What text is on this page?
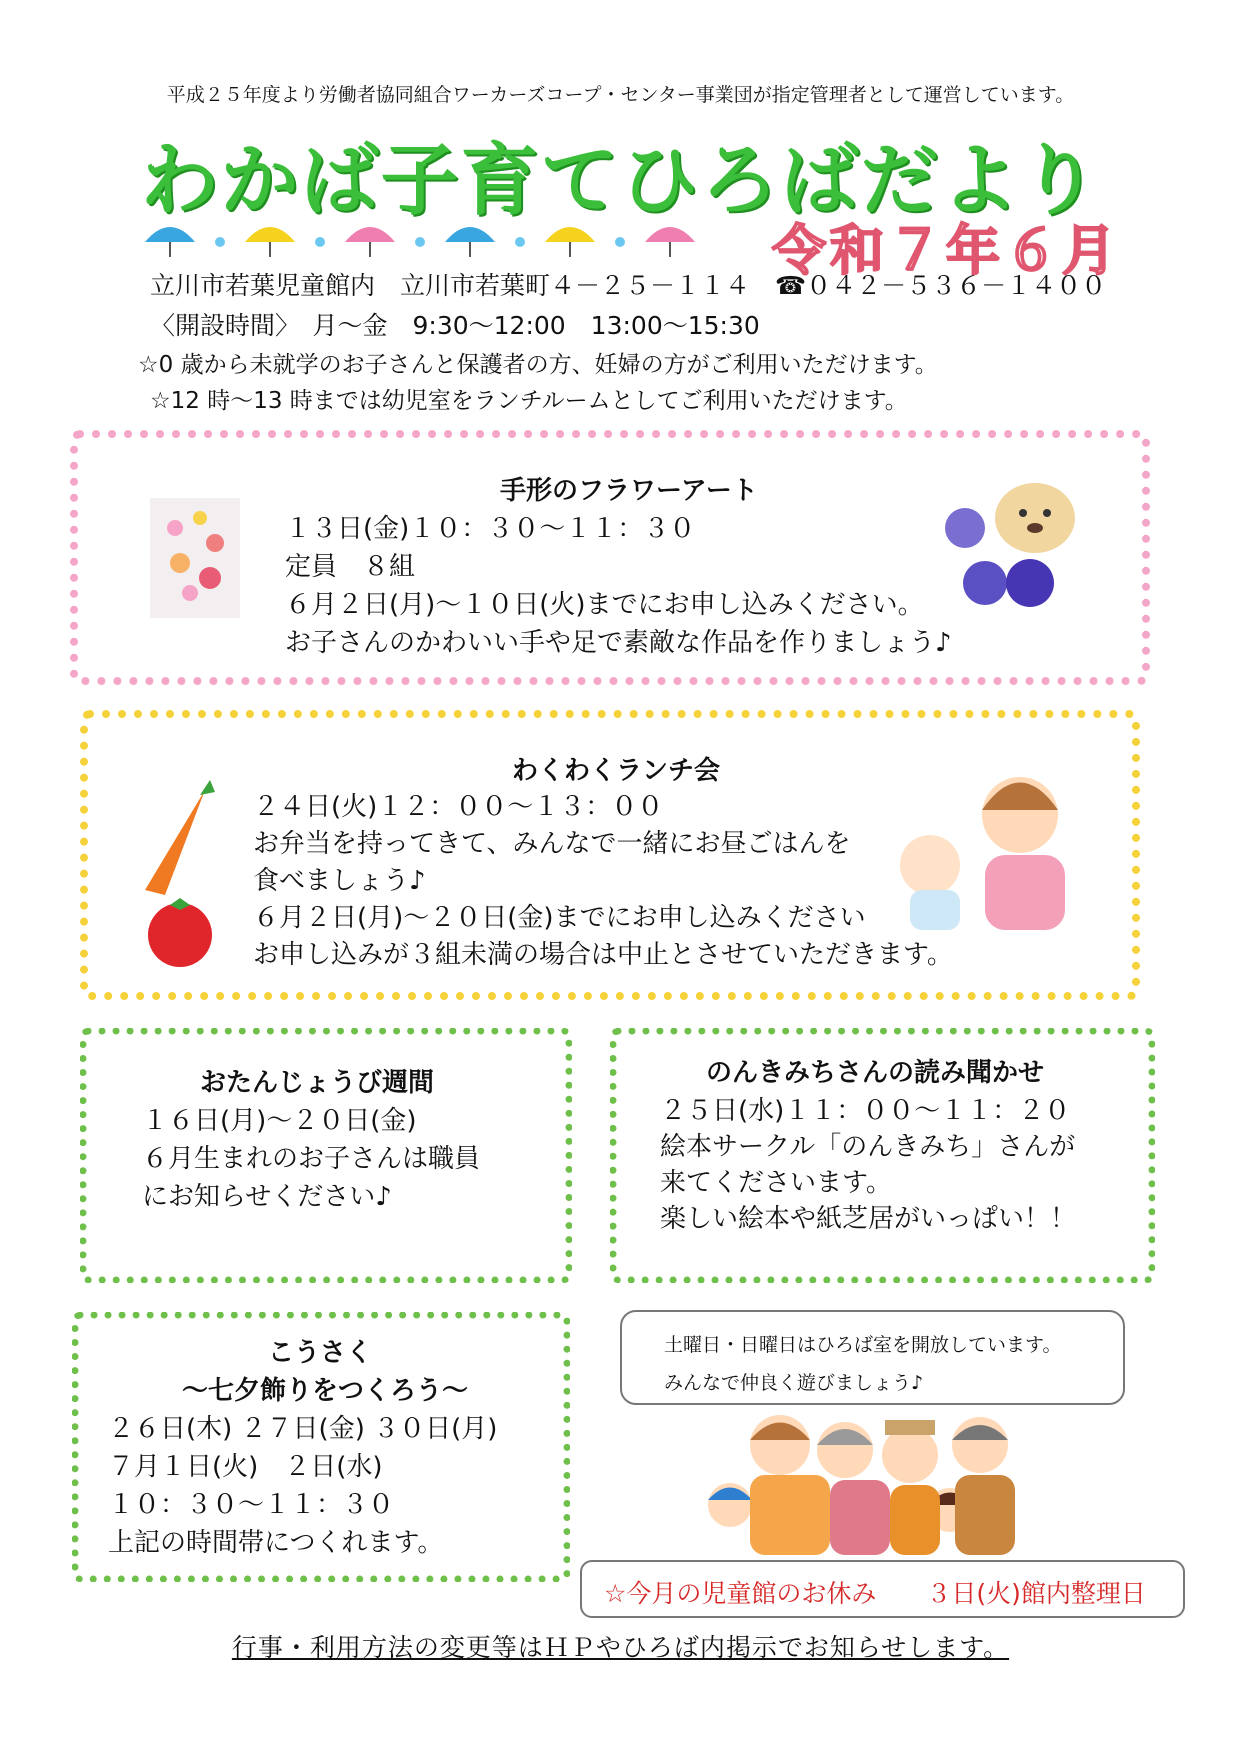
平成２５年度より労働者協同組合ワーカーズコープ・センター事業団が指定管理者として運営しています。
わかば子育てひろばだより
令和７年６月
立川市若葉児童館内　立川市若葉町４－２５－１１４　☎０４２－５３６－１４００
〈開設時間〉　月～金　9:30～12:00　13:00～15:30
☆0 歳から未就学のお子さんと保護者の方、妊婦の方がご利用いただけます。
☆12 時～13 時までは幼児室をランチルームとしてご利用いただけます。
手形のフラワーアート
１３日(金)１０：３０～１１：３０
定員　８組
６月２日(月)～１０日(火)までにお申し込みください。
お子さんのかわいい手や足で素敵な作品を作りましょう♪
わくわくランチ会
２４日(火)１２：００～１３：００
お弁当を持ってきて、みんなで一緒にお昼ごはんを
食べましょう♪
６月２日(月)～２０日(金)までにお申し込みください
お申し込みが３組未満の場合は中止とさせていただきます。
おたんじょうび週間
１６日(月)～２０日(金)
６月生まれのお子さんは職員
にお知らせください♪
のんきみちさんの読み聞かせ
２５日(水)１１：００～１１：２０
絵本サークル「のんきみち」さんが
来てくださいます。
楽しい絵本や紙芝居がいっぱい！！
こうさく
～七夕飾りをつくろう～
２６日(木) ２７日(金) ３０日(月)
７月１日(火)　２日(水)
１０：３０～１１：３０
上記の時間帯につくれます。
土曜日・日曜日はひろば室を開放しています。
みんなで仲良く遊びましょう♪
☆今月の児童館のお休み　　３日(火)館内整理日
行事・利用方法の変更等はＨＰやひろば内掲示でお知らせします。
